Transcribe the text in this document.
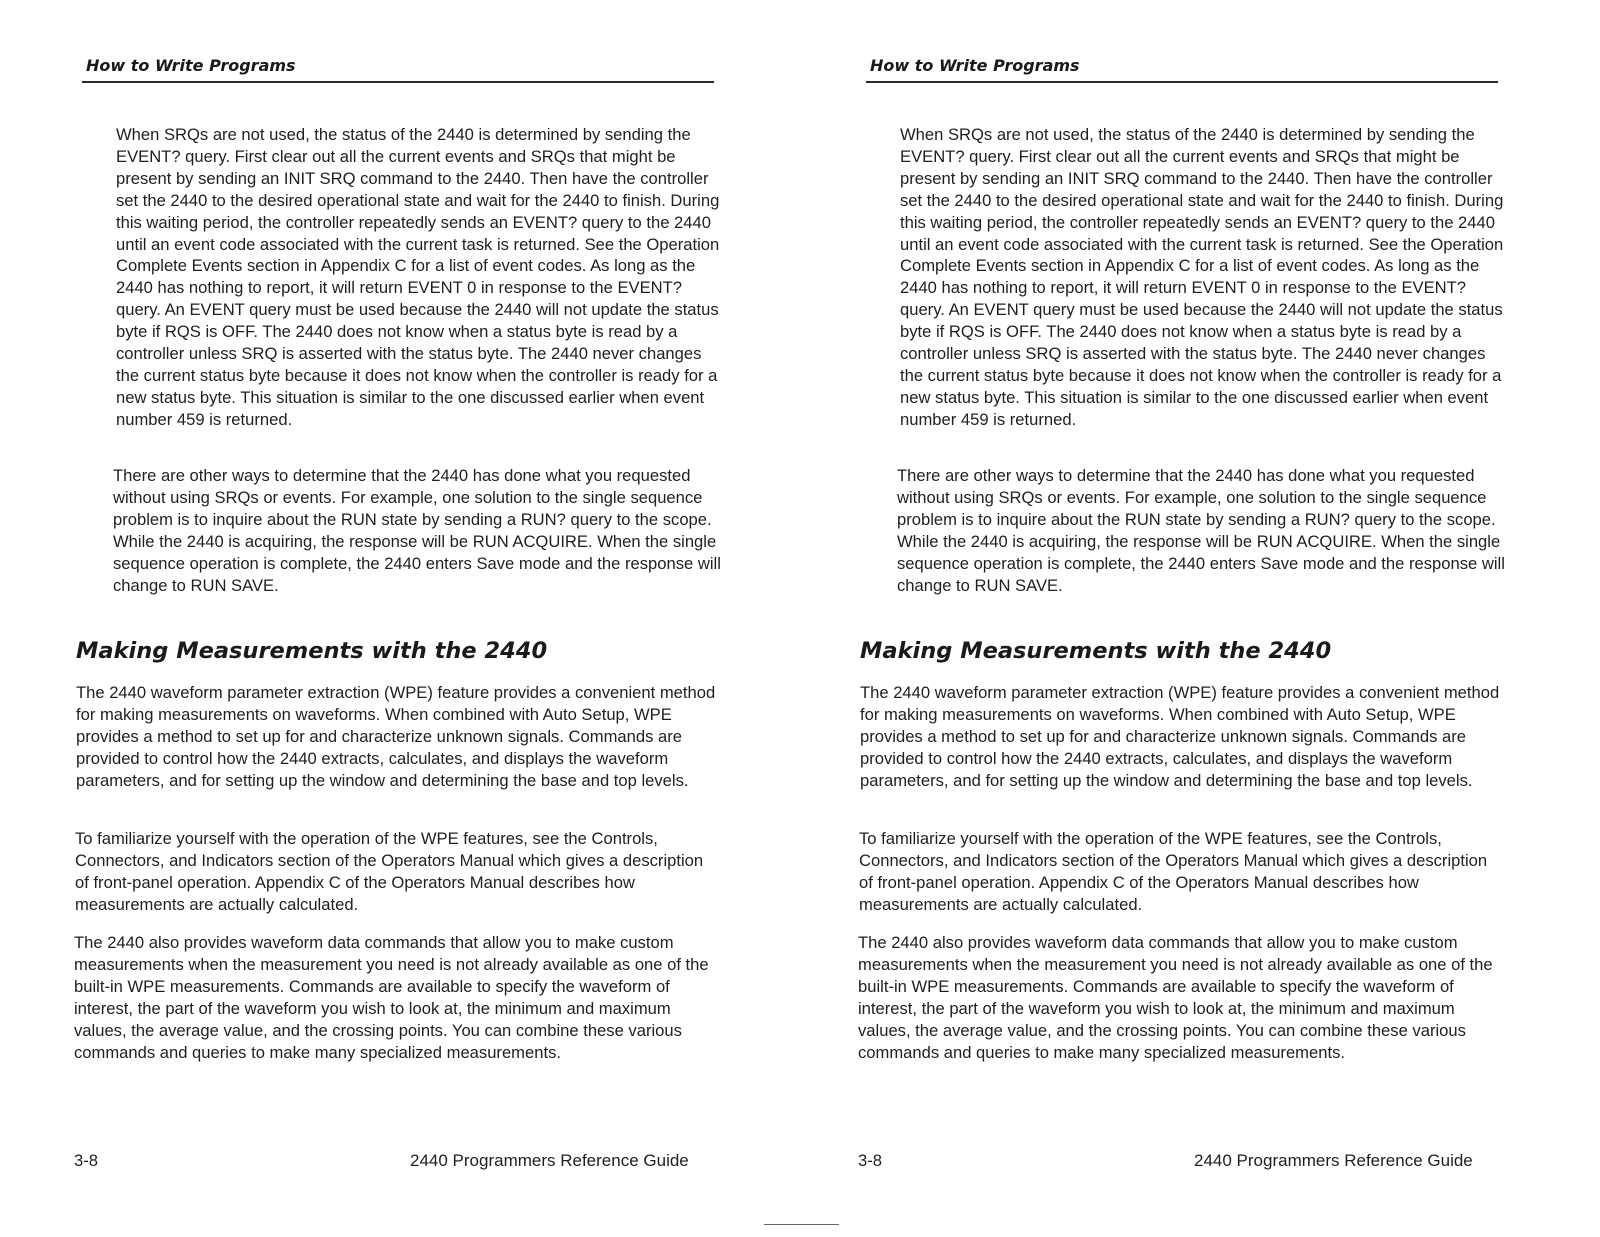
How to Write Programs

When SRQs are not used, the status of the 2440 is determined by sending the EVENT? query. First clear out all the current events and SRQs that might be present by sending an INIT SRQ command to the 2440. Then have the controller set the 2440 to the desired operational state and wait for the 2440 to finish. During this waiting period, the controller repeatedly sends an EVENT? query to the 2440 until an event code associated with the current task is returned. See the Operation Complete Events section in Appendix C for a list of event codes. As long as the 2440 has nothing to report, it will return EVENT 0 in response to the EVENT? query. An EVENT query must be used because the 2440 will not update the status byte if RQS is OFF. The 2440 does not know when a status byte is read by a controller unless SRQ is asserted with the status byte. The 2440 never changes the current status byte because it does not know when the controller is ready for a new status byte. This situation is similar to the one discussed earlier when event number 459 is returned.

There are other ways to determine that the 2440 has done what you requested without using SRQs or events. For example, one solution to the single sequence problem is to inquire about the RUN state by sending a RUN? query to the scope. While the 2440 is acquiring, the response will be RUN ACQUIRE. When the single sequence operation is complete, the 2440 enters Save mode and the response will change to RUN SAVE.

Making Measurements with the 2440

The 2440 waveform parameter extraction (WPE) feature provides a convenient method for making measurements on waveforms. When combined with Auto Setup, WPE provides a method to set up for and characterize unknown signals. Commands are provided to control how the 2440 extracts, calculates, and displays the waveform parameters, and for setting up the window and determining the base and top levels.

To familiarize yourself with the operation of the WPE features, see the Controls, Connectors, and Indicators section of the Operators Manual which gives a description of front-panel operation. Appendix C of the Operators Manual describes how measurements are actually calculated.

The 2440 also provides waveform data commands that allow you to make custom measurements when the measurement you need is not already available as one of the built-in WPE measurements. Commands are available to specify the waveform of interest, the part of the waveform you wish to look at, the minimum and maximum values, the average value, and the crossing points. You can combine these various commands and queries to make many specialized measurements.

3-8	2440 Programmers Reference Guide
How to Write Programs

When SRQs are not used, the status of the 2440 is determined by sending the EVENT? query. First clear out all the current events and SRQs that might be present by sending an INIT SRQ command to the 2440. Then have the controller set the 2440 to the desired operational state and wait for the 2440 to finish. During this waiting period, the controller repeatedly sends an EVENT? query to the 2440 until an event code associated with the current task is returned. See the Operation Complete Events section in Appendix C for a list of event codes. As long as the 2440 has nothing to report, it will return EVENT 0 in response to the EVENT? query. An EVENT query must be used because the 2440 will not update the status byte if RQS is OFF. The 2440 does not know when a status byte is read by a controller unless SRQ is asserted with the status byte. The 2440 never changes the current status byte because it does not know when the controller is ready for a new status byte. This situation is similar to the one discussed earlier when event number 459 is returned.

There are other ways to determine that the 2440 has done what you requested without using SRQs or events. For example, one solution to the single sequence problem is to inquire about the RUN state by sending a RUN? query to the scope. While the 2440 is acquiring, the response will be RUN ACQUIRE. When the single sequence operation is complete, the 2440 enters Save mode and the response will change to RUN SAVE.

Making Measurements with the 2440

The 2440 waveform parameter extraction (WPE) feature provides a convenient method for making measurements on waveforms. When combined with Auto Setup, WPE provides a method to set up for and characterize unknown signals. Commands are provided to control how the 2440 extracts, calculates, and displays the waveform parameters, and for setting up the window and determining the base and top levels.

To familiarize yourself with the operation of the WPE features, see the Controls, Connectors, and Indicators section of the Operators Manual which gives a description of front-panel operation. Appendix C of the Operators Manual describes how measurements are actually calculated.

The 2440 also provides waveform data commands that allow you to make custom measurements when the measurement you need is not already available as one of the built-in WPE measurements. Commands are available to specify the waveform of interest, the part of the waveform you wish to look at, the minimum and maximum values, the average value, and the crossing points. You can combine these various commands and queries to make many specialized measurements.

3-8	2440 Programmers Reference Guide
